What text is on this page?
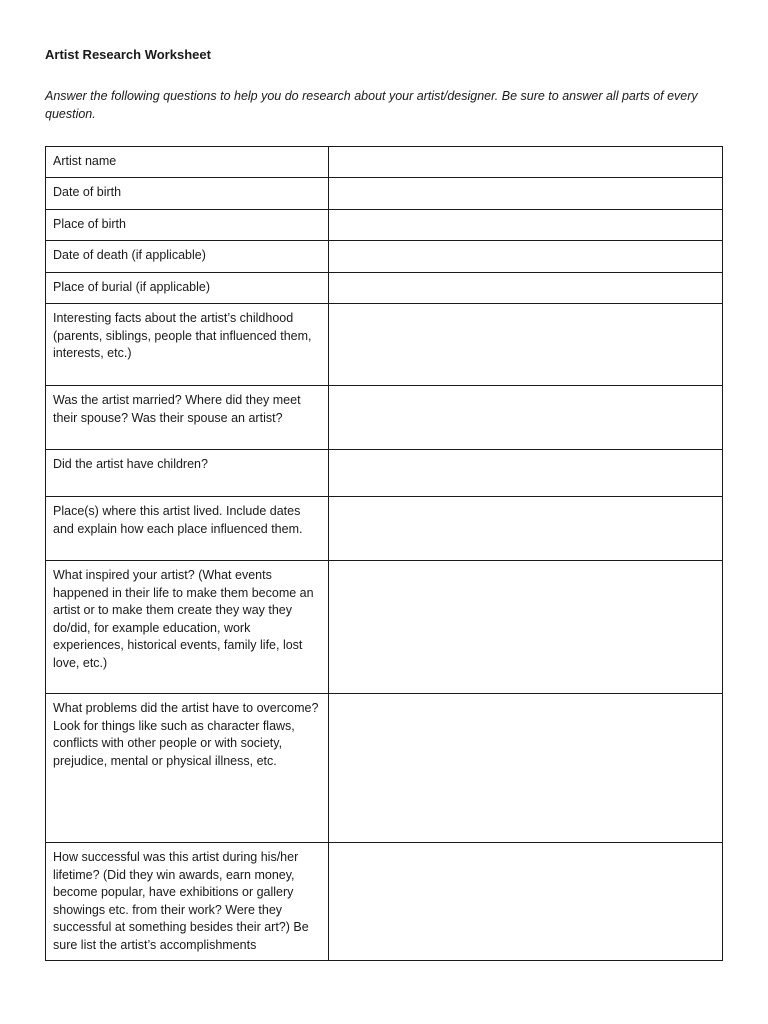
Artist Research Worksheet
Answer the following questions to help you do research about your artist/designer. Be sure to answer all parts of every question.
Artist name	

Date of birth	

Place of birth	

Date of death (if applicable)	

Place of burial (if applicable)	

Interesting facts about the artist’s childhood (parents, siblings, people that influenced them, interests, etc.)	

Was the artist married? Where did they meet their spouse? Was their spouse an artist?	

Did the artist have children?	

Place(s) where this artist lived. Include dates and explain how each place influenced them.	

What inspired your artist? (What events happened in their life to make them become an artist or to make them create they way they do/did, for example education, work experiences, historical events, family life, lost love, etc.)	

What problems did the artist have to overcome? Look for things like such as character flaws, conflicts with other people or with society, prejudice, mental or physical illness, etc.	

How successful was this artist during his/her lifetime? (Did they win awards, earn money, become popular, have exhibitions or gallery showings etc. from their work? Were they successful at something besides their art?) Be sure list the artist’s accomplishments	
